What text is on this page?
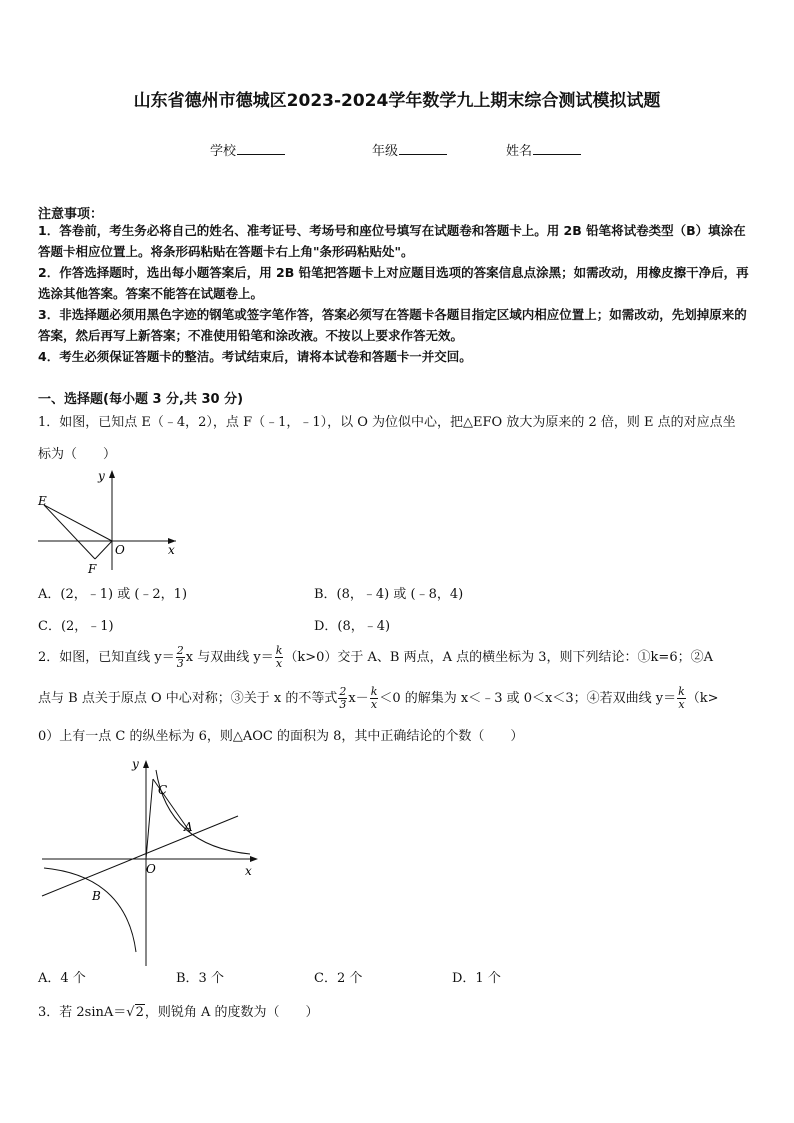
山东省德州市德城区2023-2024学年数学九上期末综合测试模拟试题
学校	年级	姓名
注意事项：
1．答卷前，考生务必将自己的姓名、准考证号、考场号和座位号填写在试题卷和答题卡上。用 2B 铅笔将试卷类型（B）填涂在答题卡相应位置上。将条形码粘贴在答题卡右上角"条形码粘贴处"。
2．作答选择题时，选出每小题答案后，用 2B 铅笔把答题卡上对应题目选项的答案信息点涂黑；如需改动，用橡皮擦干净后，再选涂其他答案。答案不能答在试题卷上。
3．非选择题必须用黑色字迹的钢笔或签字笔作答，答案必须写在答题卡各题目指定区域内相应位置上；如需改动，先划掉原来的答案，然后再写上新答案；不准使用铅笔和涂改液。不按以上要求作答无效。
4．考生必须保证答题卡的整洁。考试结束后，请将本试卷和答题卡一并交回。
一、选择题(每小题 3 分,共 30 分)
1．如图，已知点 E（﹣4，2），点 F（﹣1，﹣1），以 O 为位似中心，把△EFO 放大为原来的 2 倍，则 E 点的对应点坐
标为（　　）
E
F
O	x
y
A．(2，﹣1) 或 (﹣2，1)	B．(8，﹣4) 或 (﹣8，4)
C．(2，﹣1)	D．(8，﹣4)
2．如图，已知直线 $y= \frac{2}{3}$ x 与双曲线 $y= \frac{k}{x} (k>0)$交于 A、B 两点，A 点的横坐标为 3，则下列结论：①k=6；②A
点与 B 点关于原点 O 中心对称；③关于 x 的不等式 $\frac{2}{3} x- \frac{k}{x} <0$ 的解集为 x＜﹣3 或 0＜x＜3；④若双曲线 $y= \frac{k}{x} (k>$
0）上有一点 C 的纵坐标为 6，则△AOC 的面积为 8，其中正确结论的个数（　　）
C
A
B
O	x
y
A．4 个	B．3 个	C．2 个	D．1 个
3．若 2sinA＝√2，则锐角 A 的度数为（　　）
